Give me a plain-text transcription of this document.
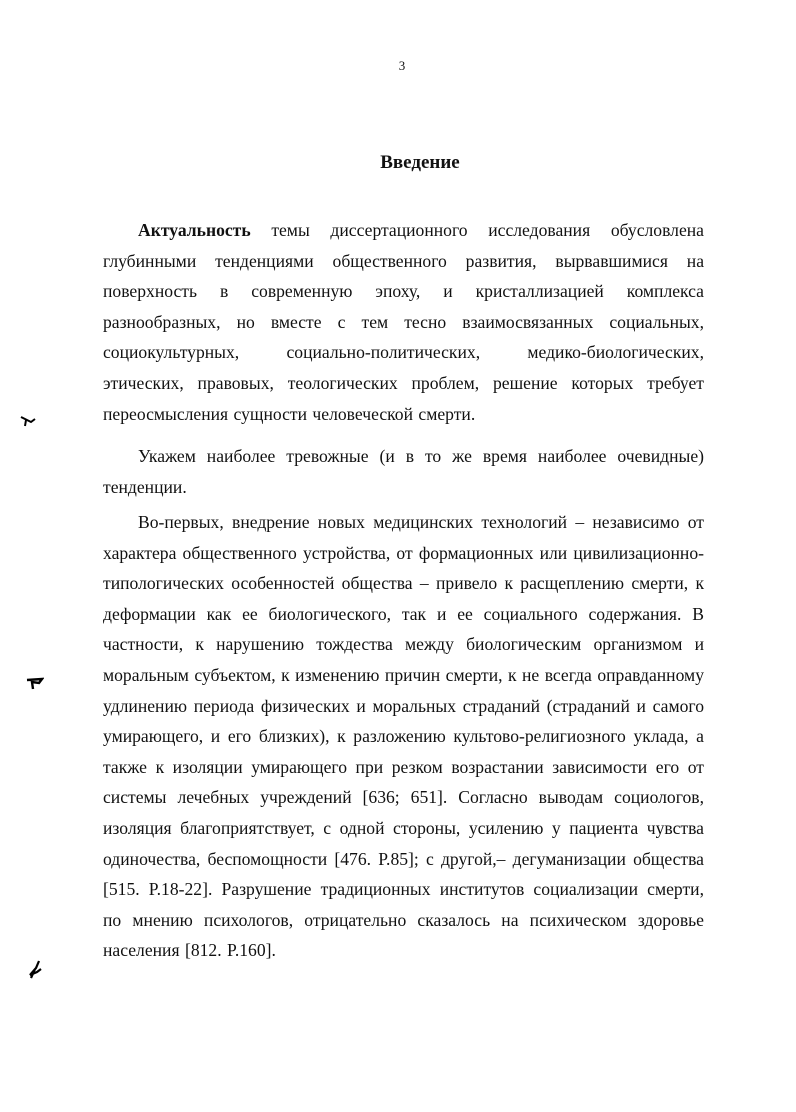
3
Введение

Актуальность темы диссертационного исследования обусловлена глубинными тенденциями общественного развития, вырвавшимися на поверхность в современную эпоху, и кристаллизацией комплекса разнообразных, но вместе с тем тесно взаимосвязанных социальных, социокультурных, социально-политических, медико-биологических, этических, правовых, теологических проблем, решение которых требует переосмысления сущности человеческой смерти.

Укажем наиболее тревожные (и в то же время наиболее очевидные) тенденции.

Во-первых, внедрение новых медицинских технологий – независимо от характера общественного устройства, от формационных или цивилизационно-типологических особенностей общества – привело к расщеплению смерти, к деформации как ее биологического, так и ее социального содержания. В частности, к нарушению тождества между биологическим организмом и моральным субъектом, к изменению причин смерти, к не всегда оправданному удлинению периода физических и моральных страданий (страданий и самого умирающего, и его близких), к разложению культово-религиозного уклада, а также к изоляции умирающего при резком возрастании зависимости его от системы лечебных учреждений [636; 651]. Согласно выводам социологов, изоляция благоприятствует, с одной стороны, усилению у пациента чувства одиночества, беспомощности [476. P.85]; с другой,– дегуманизации общества [515. P.18-22]. Разрушение традиционных институтов социализации смерти, по мнению психологов, отрицательно сказалось на психическом здоровье населения [812. P.160].
